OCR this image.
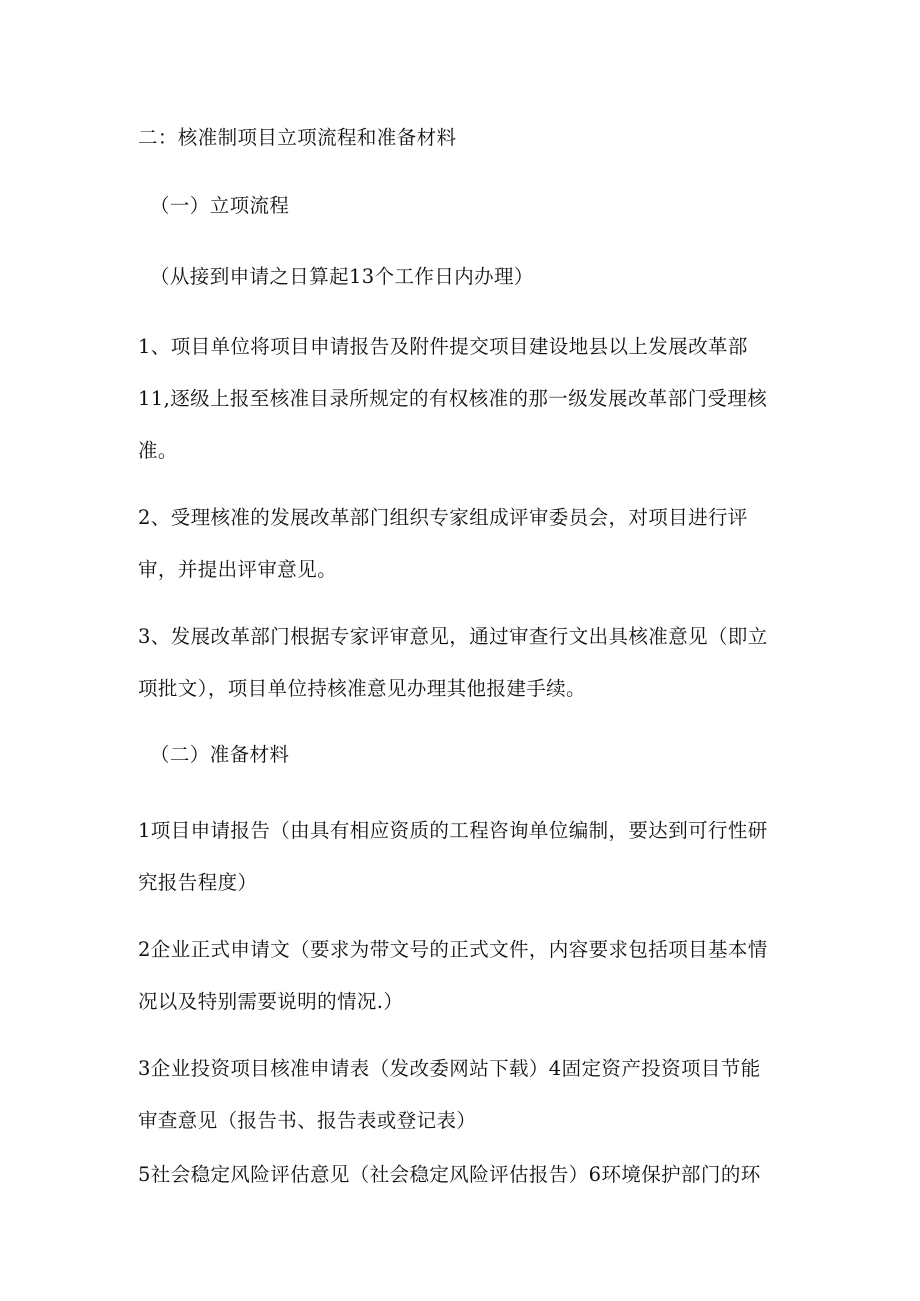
二：核准制项目立项流程和准备材料
（一）立项流程
（从接到申请之日算起13个工作日内办理）
1、项目单位将项目申请报告及附件提交项目建设地县以上发展改革部
11,逐级上报至核准目录所规定的有权核准的那一级发展改革部门受理核
准。
2、受理核准的发展改革部门组织专家组成评审委员会，对项目进行评
审，并提出评审意见。
3、发展改革部门根据专家评审意见，通过审查行文出具核准意见（即立
项批文），项目单位持核准意见办理其他报建手续。
（二）准备材料
1项目申请报告（由具有相应资质的工程咨询单位编制，要达到可行性研
究报告程度）
2企业正式申请文（要求为带文号的正式文件，内容要求包括项目基本情
况以及特别需要说明的情况.）
3企业投资项目核准申请表（发改委网站下载）4固定资产投资项目节能
审查意见（报告书、报告表或登记表）
5社会稳定风险评估意见（社会稳定风险评估报告）6环境保护部门的环
